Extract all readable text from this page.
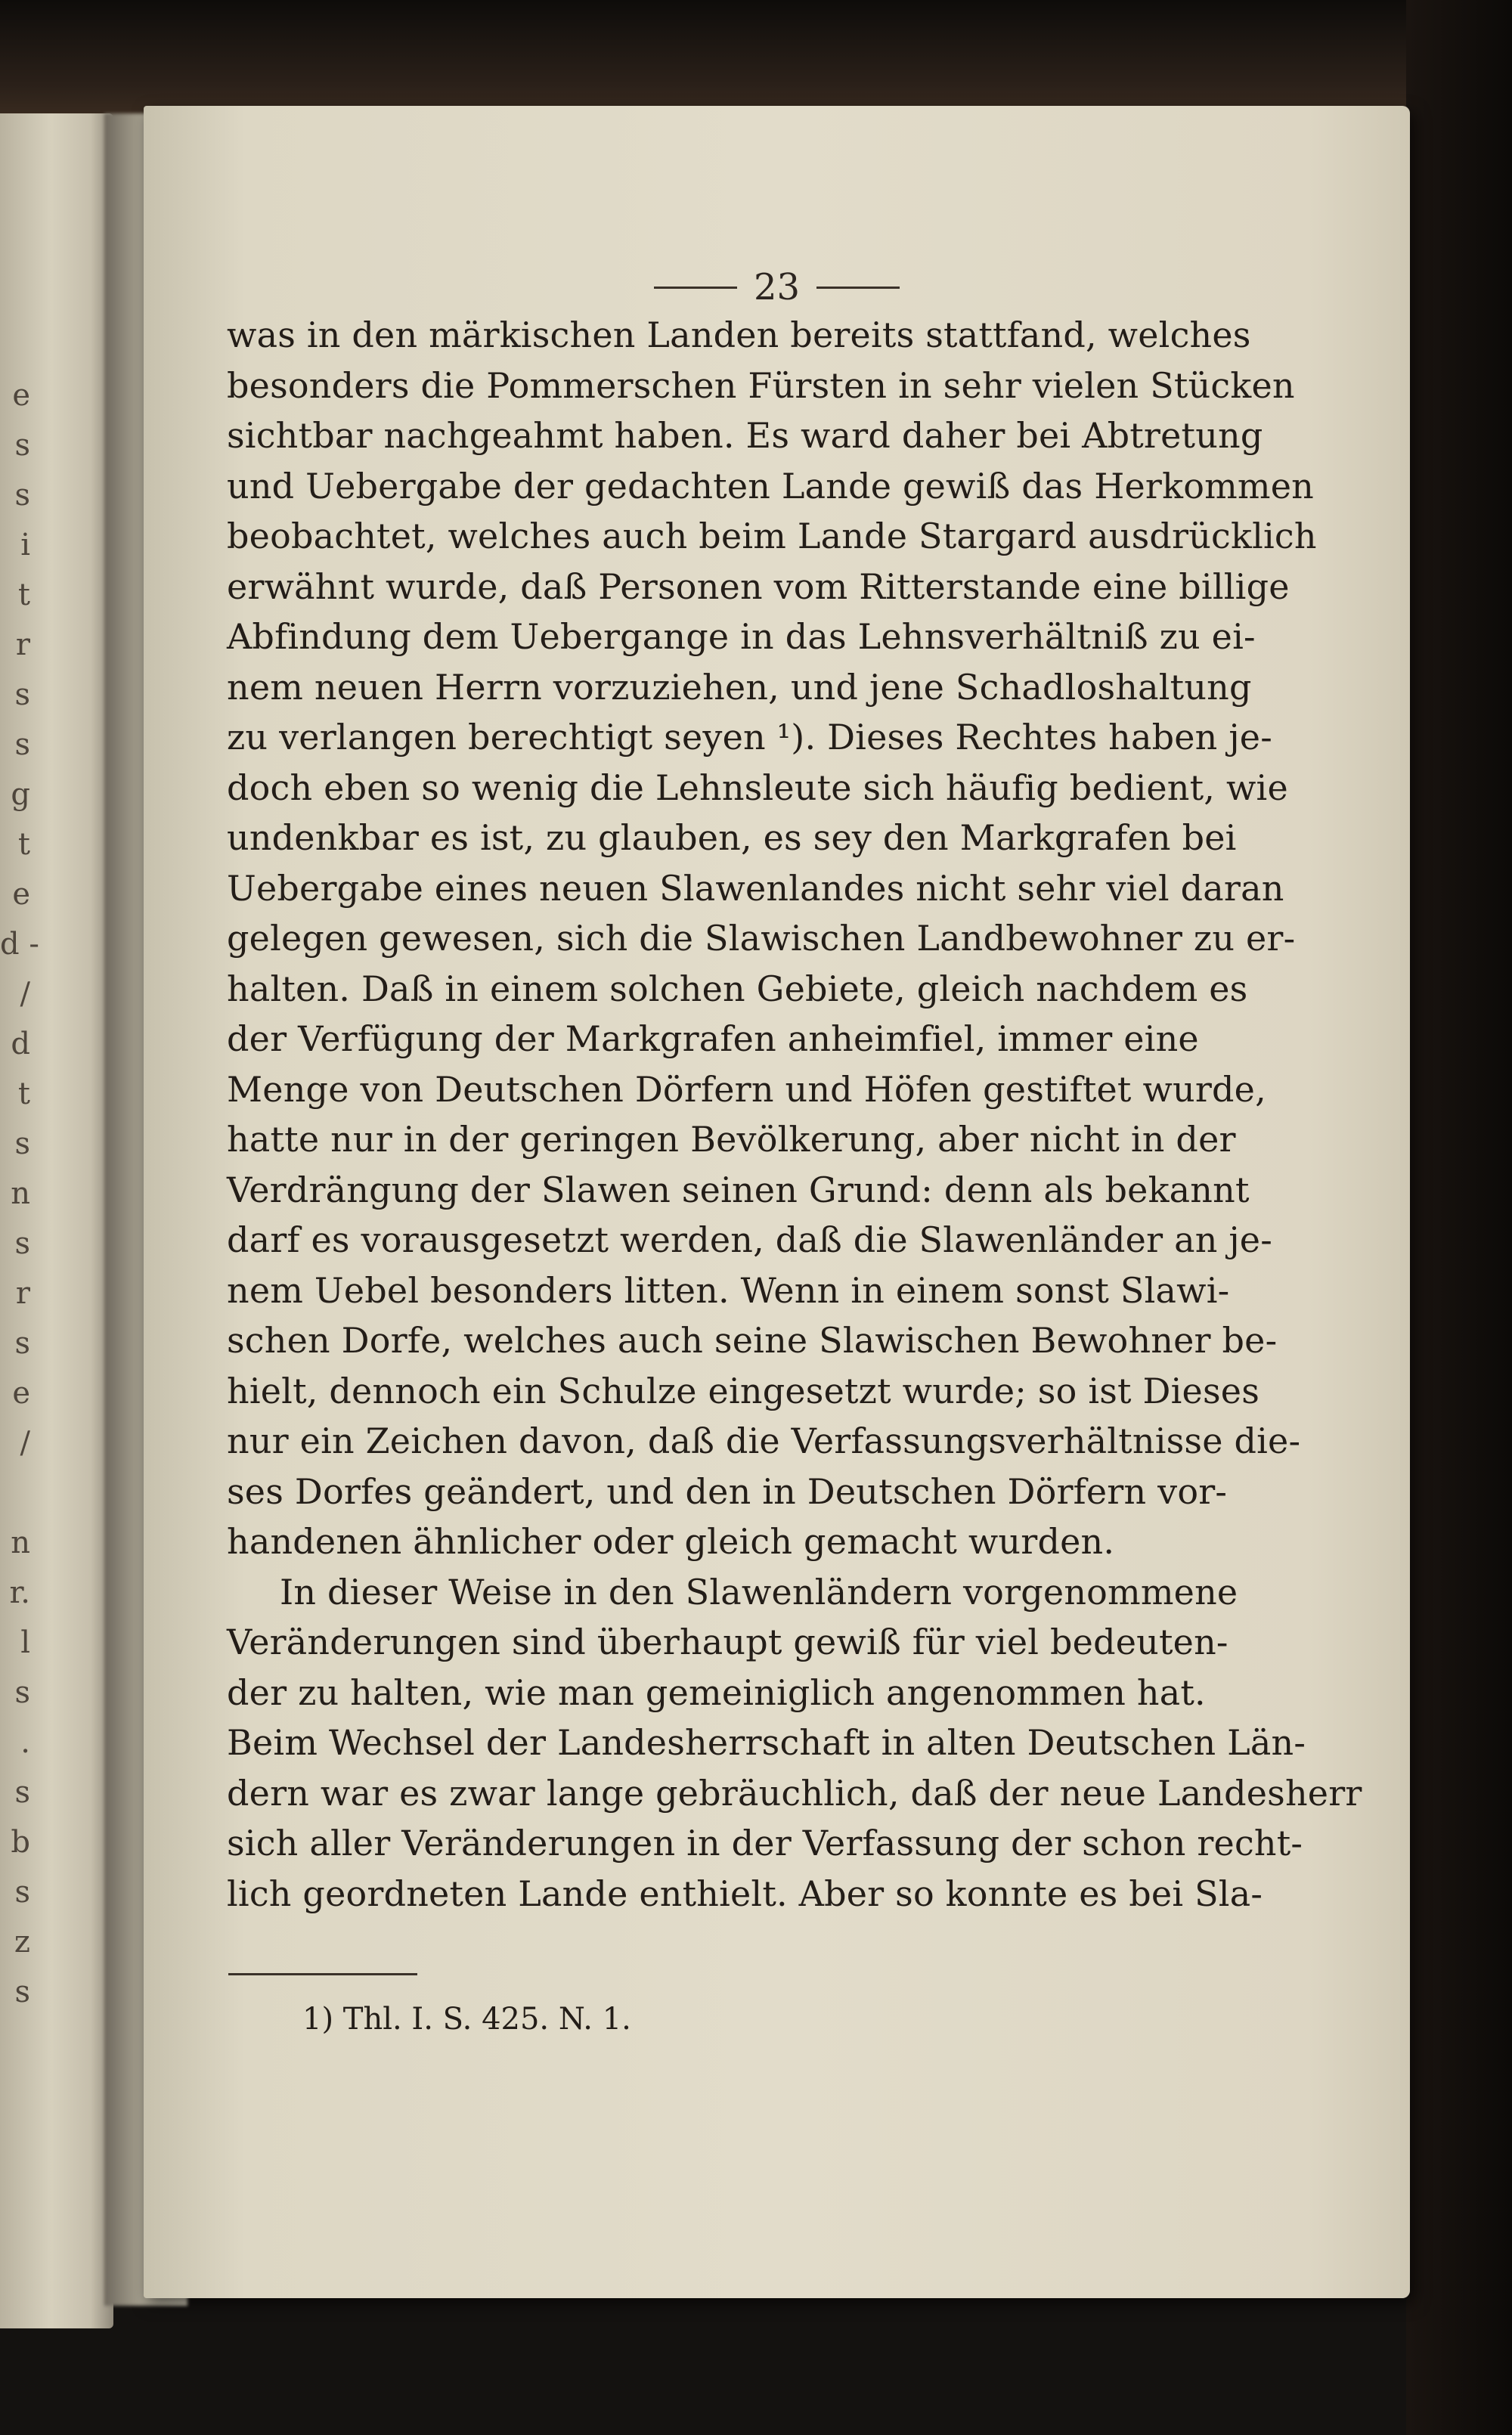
e
s
s
i
t
r
s
s
g
t
e
d -
/
d
t
s
n
s
r
s
e
/
n
r.
l
s
.
s
b
s
z
s
23
was in den märkischen Landen bereits stattfand, welches
besonders die Pommerschen Fürsten in sehr vielen Stücken
sichtbar nachgeahmt haben. Es ward daher bei Abtretung
und Uebergabe der gedachten Lande gewiß das Herkommen
beobachtet, welches auch beim Lande Stargard ausdrücklich
erwähnt wurde, daß Personen vom Ritterstande eine billige
Abfindung dem Uebergange in das Lehnsverhältniß zu ei-
nem neuen Herrn vorzuziehen, und jene Schadloshaltung
zu verlangen berechtigt seyen ¹). Dieses Rechtes haben je-
doch eben so wenig die Lehnsleute sich häufig bedient, wie
undenkbar es ist, zu glauben, es sey den Markgrafen bei
Uebergabe eines neuen Slawenlandes nicht sehr viel daran
gelegen gewesen, sich die Slawischen Landbewohner zu er-
halten. Daß in einem solchen Gebiete, gleich nachdem es
der Verfügung der Markgrafen anheimfiel, immer eine
Menge von Deutschen Dörfern und Höfen gestiftet wurde,
hatte nur in der geringen Bevölkerung, aber nicht in der
Verdrängung der Slawen seinen Grund: denn als bekannt
darf es vorausgesetzt werden, daß die Slawenländer an je-
nem Uebel besonders litten. Wenn in einem sonst Slawi-
schen Dorfe, welches auch seine Slawischen Bewohner be-
hielt, dennoch ein Schulze eingesetzt wurde; so ist Dieses
nur ein Zeichen davon, daß die Verfassungsverhältnisse die-
ses Dorfes geändert, und den in Deutschen Dörfern vor-
handenen ähnlicher oder gleich gemacht wurden.
In dieser Weise in den Slawenländern vorgenommene
Veränderungen sind überhaupt gewiß für viel bedeuten-
der zu halten, wie man gemeiniglich angenommen hat.
Beim Wechsel der Landesherrschaft in alten Deutschen Län-
dern war es zwar lange gebräuchlich, daß der neue Landesherr
sich aller Veränderungen in der Verfassung der schon recht-
lich geordneten Lande enthielt. Aber so konnte es bei Sla-
1) Thl. I. S. 425. N. 1.
